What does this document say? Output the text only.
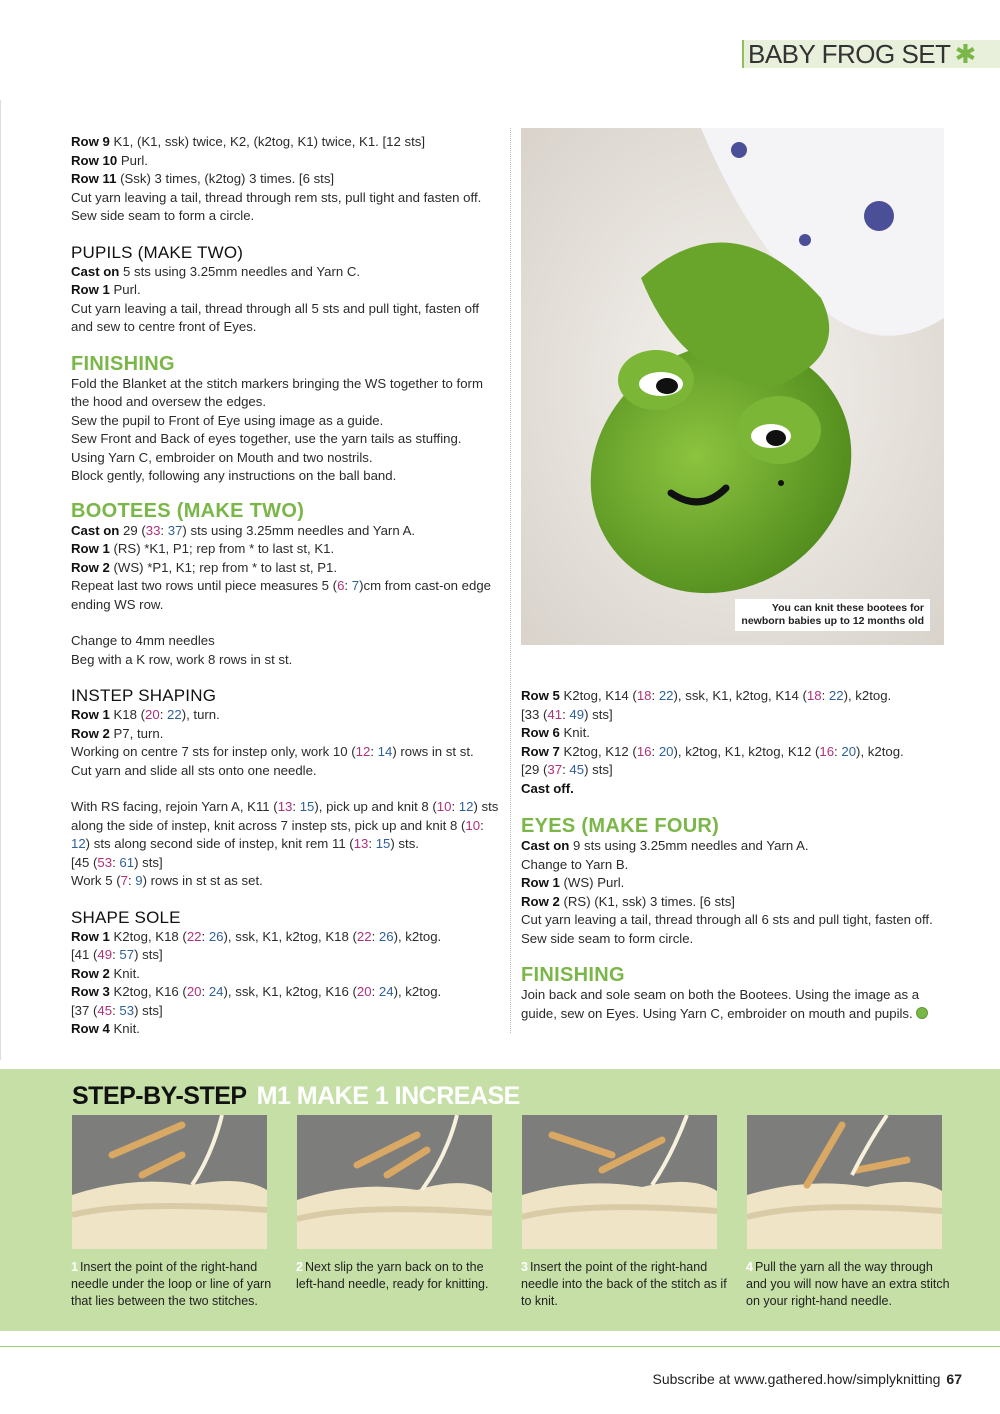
BABY FROG SET ✱

Row 9 K1, (K1, ssk) twice, K2, (k2tog, K1) twice, K1. [12 sts]

Row 10 Purl.

Row 11 (Ssk) 3 times, (k2tog) 3 times. [6 sts]

Cut yarn leaving a tail, thread through rem sts, pull tight and fasten off. Sew side seam to form a circle.

PUPILS (MAKE TWO)

Cast on 5 sts using 3.25mm needles and Yarn C.

Row 1 Purl.

Cut yarn leaving a tail, thread through all 5 sts and pull tight, fasten off and sew to centre front of Eyes.

FINISHING

Fold the Blanket at the stitch markers bringing the WS together to form the hood and oversew the edges.

Sew the pupil to Front of Eye using image as a guide.

Sew Front and Back of eyes together, use the yarn tails as stuffing.

Using Yarn C, embroider on Mouth and two nostrils.

Block gently, following any instructions on the ball band.

BOOTEES (MAKE TWO)

Cast on 29 (33: 37) sts using 3.25mm needles and Yarn A.

Row 1 (RS) *K1, P1; rep from * to last st, K1.

Row 2 (WS) *P1, K1; rep from * to last st, P1.

Repeat last two rows until piece measures 5 (6: 7)cm from cast-on edge ending WS row.

Change to 4mm needles

Beg with a K row, work 8 rows in st st.

INSTEP SHAPING

Row 1 K18 (20: 22), turn.

Row 2 P7, turn.

Working on centre 7 sts for instep only, work 10 (12: 14) rows in st st.

Cut yarn and slide all sts onto one needle.

With RS facing, rejoin Yarn A, K11 (13: 15), pick up and knit 8 (10: 12) sts along the side of instep, knit across 7 instep sts, pick up and knit 8 (10: 12) sts along second side of instep, knit rem 11 (13: 15) sts.

[45 (53: 61) sts]

Work 5 (7: 9) rows in st st as set.

SHAPE SOLE

Row 1 K2tog, K18 (22: 26), ssk, K1, k2tog, K18 (22: 26), k2tog.

[41 (49: 57) sts]

Row 2 Knit.

Row 3 K2tog, K16 (20: 24), ssk, K1, k2tog, K16 (20: 24), k2tog.

[37 (45: 53) sts]

Row 4 Knit.

You can knit these bootees for
newborn babies up to 12 months old

Row 5 K2tog, K14 (18: 22), ssk, K1, k2tog, K14 (18: 22), k2tog.

[33 (41: 49) sts]

Row 6 Knit.

Row 7 K2tog, K12 (16: 20), k2tog, K1, k2tog, K12 (16: 20), k2tog.

[29 (37: 45) sts]

Cast off.

EYES (MAKE FOUR)

Cast on 9 sts using 3.25mm needles and Yarn A.

Change to Yarn B.

Row 1 (WS) Purl.

Row 2 (RS) (K1, ssk) 3 times. [6 sts]

Cut yarn leaving a tail, thread through all 6 sts and pull tight, fasten off. Sew side seam to form circle.

FINISHING

Join back and sole seam on both the Bootees. Using the image as a guide, sew on Eyes. Using Yarn C, embroider on mouth and pupils.

STEP-BY-STEP M1 MAKE 1 INCREASE
1 Insert the point of the right-hand needle under the loop or line of yarn that lies between the two stitches.
2 Next slip the yarn back on to the left-hand needle, ready for knitting.
3 Insert the point of the right-hand needle into the back of the stitch as if to knit.
4 Pull the yarn all the way through and you will now have an extra stitch on your right-hand needle.
Subscribe at www.gathered.how/simplyknitting 67
